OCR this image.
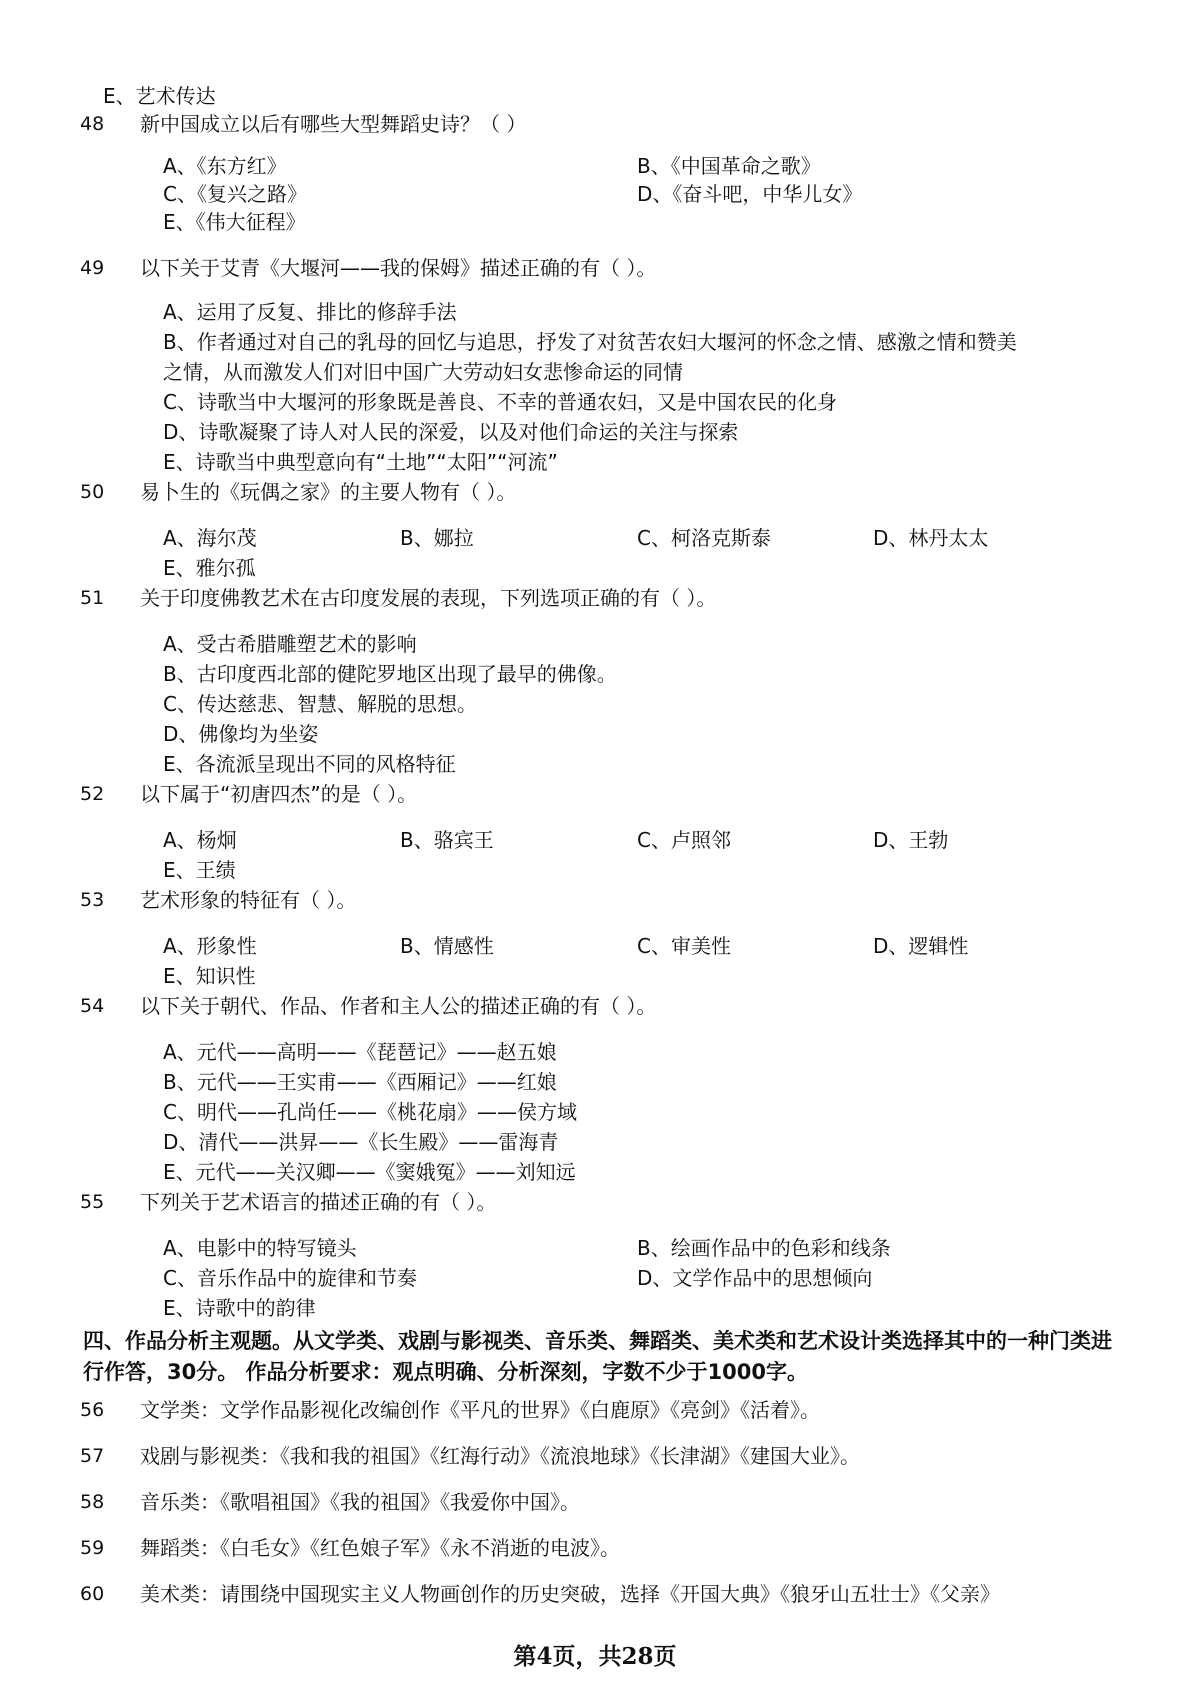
E、艺术传达
48 新中国成立以后有哪些大型舞蹈史诗？（ ）
A、《东方红》	B、《中国革命之歌》
C、《复兴之路》	D、《奋斗吧，中华儿女》
E、《伟大征程》
49 以下关于艾青《大堰河——我的保姆》描述正确的有（ ）。
A、运用了反复、排比的修辞手法
B、作者通过对自己的乳母的回忆与追思，抒发了对贫苦农妇大堰河的怀念之情、感激之情和赞美
之情，从而激发人们对旧中国广大劳动妇女悲惨命运的同情
C、诗歌当中大堰河的形象既是善良、不幸的普通农妇，又是中国农民的化身
D、诗歌凝聚了诗人对人民的深爱，以及对他们命运的关注与探索
E、诗歌当中典型意向有“土地”“太阳”“河流”
50 易卜生的《玩偶之家》的主要人物有（ ）。
A、海尔茂	B、娜拉	C、柯洛克斯泰	D、林丹太太
E、雅尔孤
51 关于印度佛教艺术在古印度发展的表现，下列选项正确的有（ ）。
A、受古希腊雕塑艺术的影响
B、古印度西北部的健陀罗地区出现了最早的佛像。
C、传达慈悲、智慧、解脱的思想。
D、佛像均为坐姿
E、各流派呈现出不同的风格特征
52 以下属于“初唐四杰”的是（ ）。
A、杨炯	B、骆宾王	C、卢照邻	D、王勃
E、王绩
53 艺术形象的特征有（ ）。
A、形象性	B、情感性	C、审美性	D、逻辑性
E、知识性
54 以下关于朝代、作品、作者和主人公的描述正确的有（ ）。
A、元代——高明——《琵琶记》——赵五娘
B、元代——王实甫——《西厢记》——红娘
C、明代——孔尚任——《桃花扇》——侯方域
D、清代——洪昇——《长生殿》——雷海青
E、元代——关汉卿——《窦娥冤》——刘知远
55 下列关于艺术语言的描述正确的有（ ）。
A、电影中的特写镜头	B、绘画作品中的色彩和线条
C、音乐作品中的旋律和节奏	D、文学作品中的思想倾向
E、诗歌中的韵律
四、作品分析主观题。从文学类、戏剧与影视类、音乐类、舞蹈类、美术类和艺术设计类选择其中的一种门类进行作答，30分。 作品分析要求：观点明确、分析深刻，字数不少于1000字。
56 文学类：文学作品影视化改编创作《平凡的世界》《白鹿原》《亮剑》《活着》。
57 戏剧与影视类：《我和我的祖国》《红海行动》《流浪地球》《长津湖》《建国大业》。
58 音乐类：《歌唱祖国》《我的祖国》《我爱你中国》。
59 舞蹈类：《白毛女》《红色娘子军》《永不消逝的电波》。
60 美术类：请围绕中国现实主义人物画创作的历史突破，选择《开国大典》《狼牙山五壮士》《父亲》
第4页，共28页
